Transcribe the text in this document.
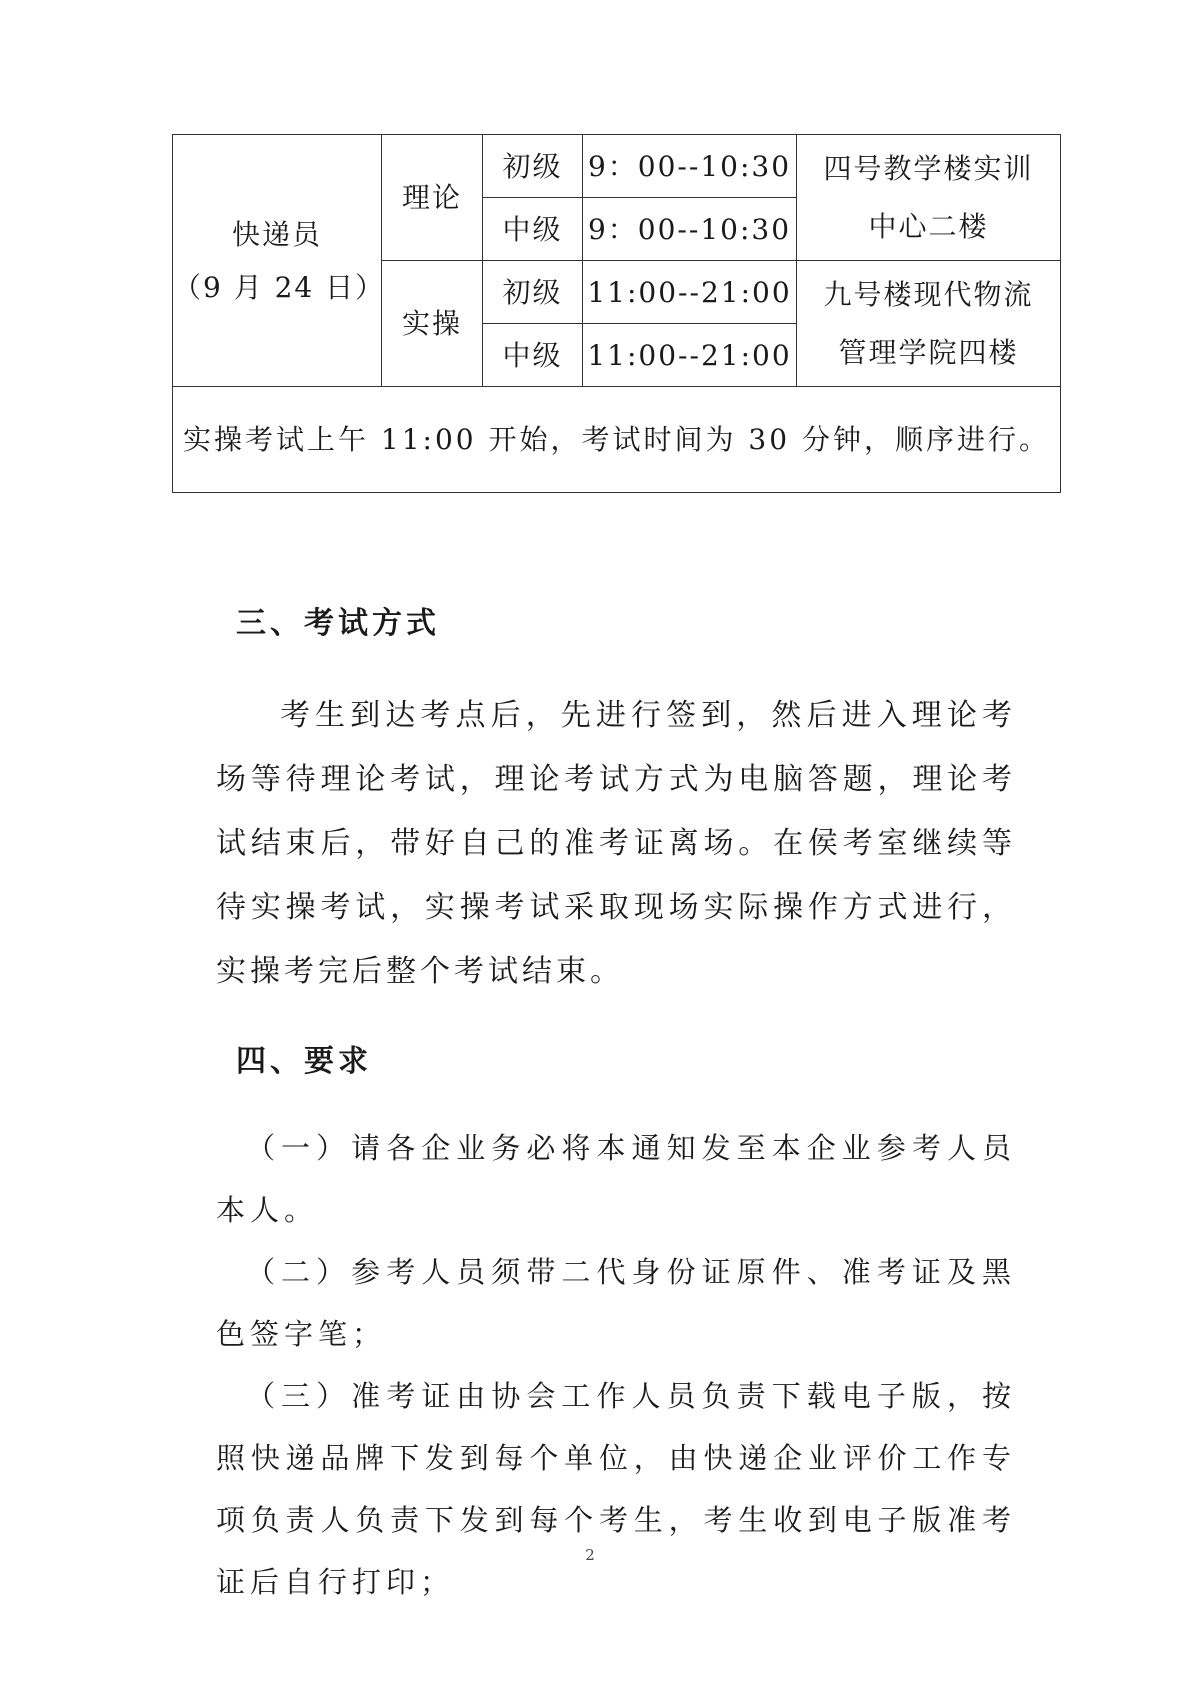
快递员
（9 月 24 日）	理论	初级	9：00--10:30	四号教学楼实训中心二楼
		中级	9：00--10:30	
	实操	初级	11:00--21:00	九号楼现代物流管理学院四楼
		中级	11:00--21:00	
实操考试上午 11:00 开始，考试时间为 30 分钟，顺序进行。				
三、考试方式

考生到达考点后，先进行签到，然后进入理论考场等待理论考试，理论考试方式为电脑答题，理论考试结束后，带好自己的准考证离场。在侯考室继续等待实操考试，实操考试采取现场实际操作方式进行，实操考完后整个考试结束。

四、要求

（一）请各企业务必将本通知发至本企业参考人员本人。

（二）参考人员须带二代身份证原件、准考证及黑色签字笔；

（三）准考证由协会工作人员负责下载电子版，按照快递品牌下发到每个单位，由快递企业评价工作专项负责人负责下发到每个考生，考生收到电子版准考证后自行打印；

2
